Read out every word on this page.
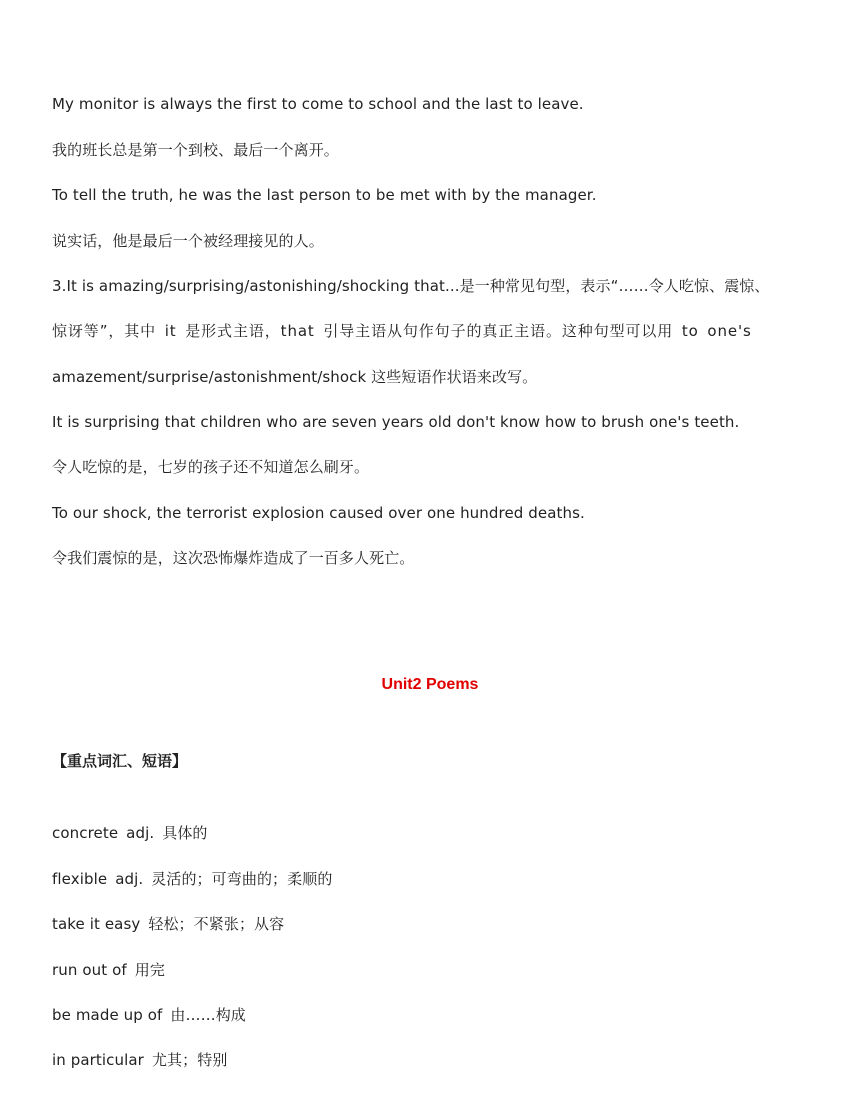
My monitor is always the first to come to school and the last to leave.
我的班长总是第一个到校、最后一个离开。
To tell the truth, he was the last person to be met with by the manager.
说实话，他是最后一个被经理接见的人。
3.It is amazing/surprising/astonishing/shocking that...是一种常见句型，表示“……令人吃惊、震惊、
惊讶等”，其中 it 是形式主语，that 引导主语从句作句子的真正主语。这种句型可以用 to one's
amazement/surprise/astonishment/shock 这些短语作状语来改写。
It is surprising that children who are seven years old don't know how to brush one's teeth.
令人吃惊的是，七岁的孩子还不知道怎么刷牙。
To our shock, the terrorist explosion caused over one hundred deaths.
令我们震惊的是，这次恐怖爆炸造成了一百多人死亡。
Unit2 Poems
【重点词汇、短语】
concrete adj. 具体的
flexible adj. 灵活的；可弯曲的；柔顺的
take it easy 轻松；不紧张；从容
run out of 用完
be made up of 由……构成
in particular 尤其；特别
